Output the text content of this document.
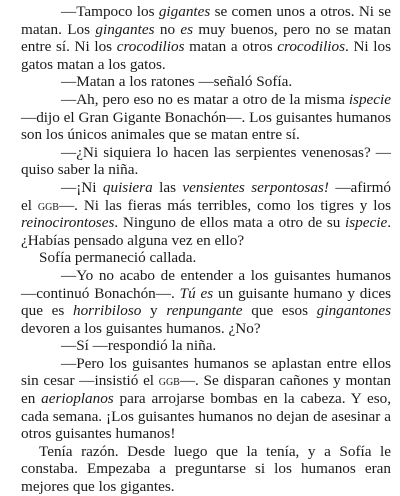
—Tampoco los gigantes se comen unos a otros. Ni se matan. Los gingantes no es muy buenos, pero no se matan entre sí. Ni los crocodilios matan a otros crocodilios. Ni los gatos matan a los gatos.

—Matan a los ratones —señaló Sofía.

—Ah, pero eso no es matar a otro de la misma ispecie —dijo el Gran Gigante Bonachón—. Los guisantes humanos son los únicos animales que se matan entre sí.

—¿Ni siquiera lo hacen las serpientes venenosas? —quiso saber la niña.

—¡Ni quisiera las vensientes serpontosas! —afirmó el ggb—. Ni las fieras más terribles, como los tigres y los reinocirontoses. Ninguno de ellos mata a otro de su ispecie. ¿Habías pensado alguna vez en ello?

Sofía permaneció callada.

—Yo no acabo de entender a los guisantes humanos —continuó Bonachón—. Tú es un guisante humano y dices que es horribiloso y renpungante que esos gingantones devoren a los guisantes humanos. ¿No?

—Sí —respondió la niña.

—Pero los guisantes humanos se aplastan entre ellos sin cesar —insistió el ggb—. Se disparan cañones y montan en aerioplanos para arrojarse bombas en la cabeza. Y eso, cada semana. ¡Los guisantes humanos no dejan de asesinar a otros guisantes humanos!

Tenía razón. Desde luego que la tenía, y a Sofía le constaba. Empezaba a preguntarse si los humanos eran mejores que los gigantes.
